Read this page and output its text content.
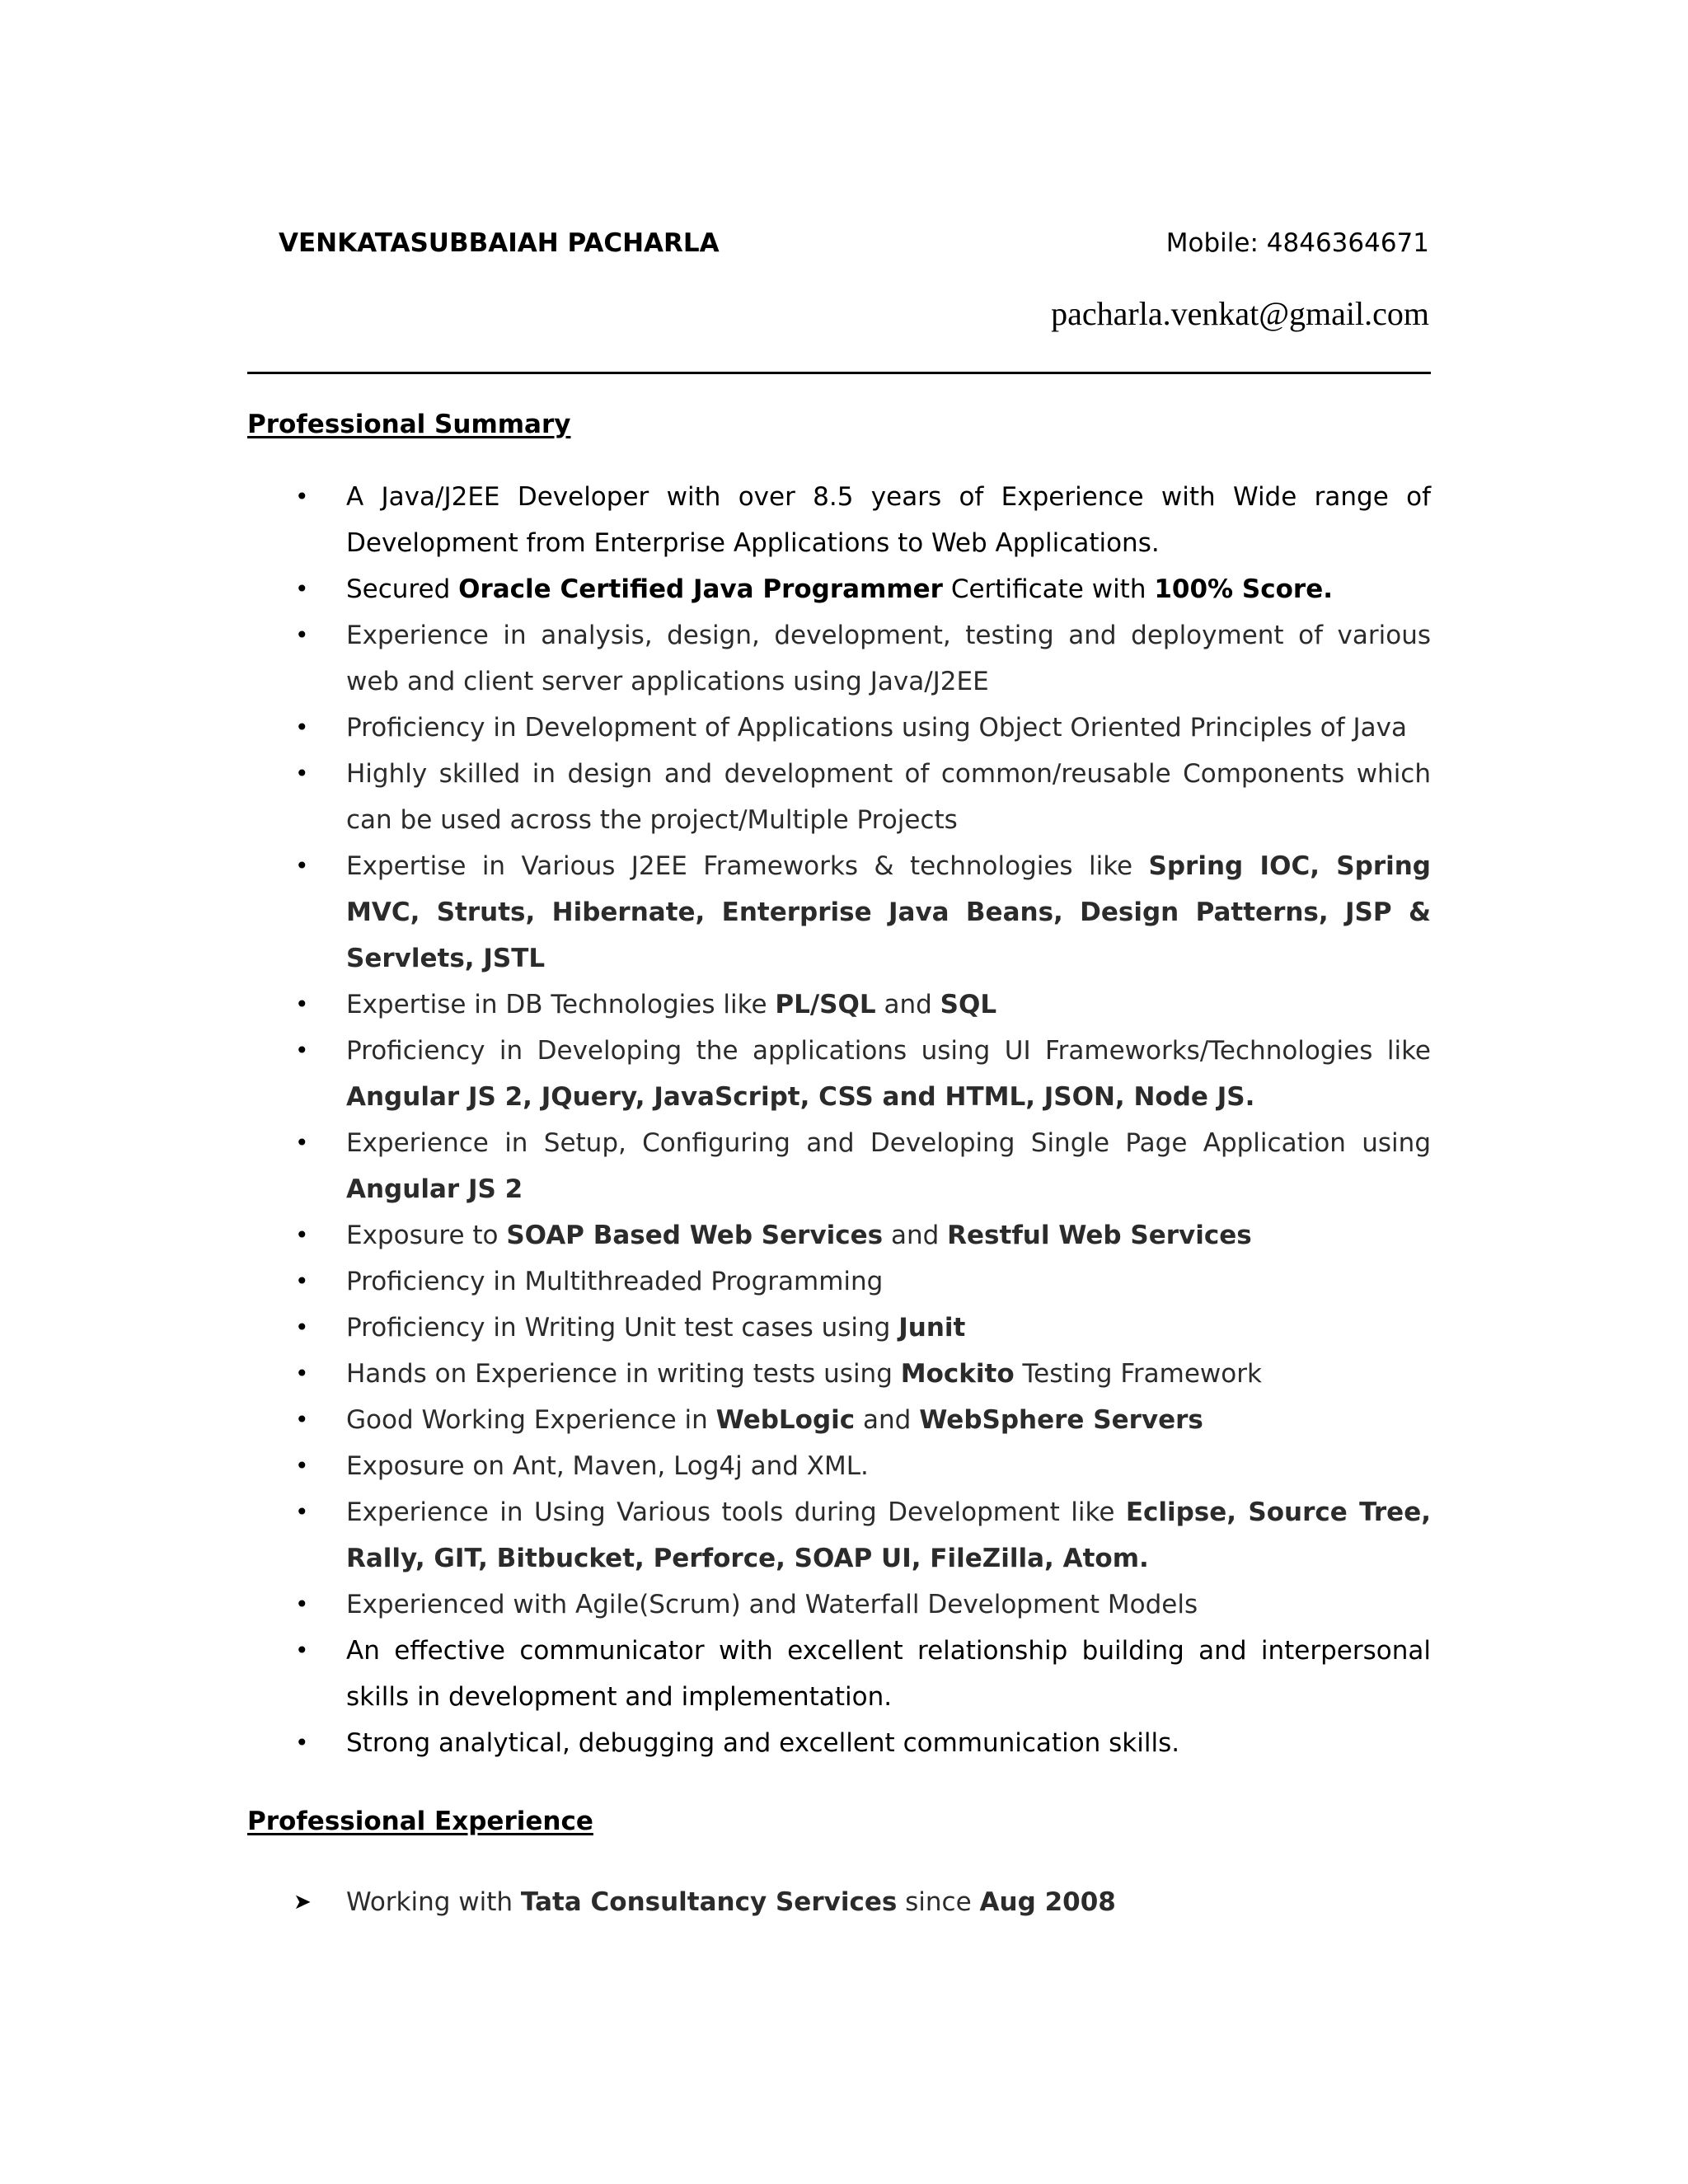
VENKATASUBBAIAH PACHARLA	Mobile: 4846364671
pacharla.venkat@gmail.com
Professional Summary
• A Java/J2EE Developer with over 8.5 years of Experience with Wide range of Development from Enterprise Applications to Web Applications.
• Secured Oracle Certified Java Programmer Certificate with 100% Score.
• Experience in analysis, design, development, testing and deployment of various web and client server applications using Java/J2EE
• Proficiency in Development of Applications using Object Oriented Principles of Java
• Highly skilled in design and development of common/reusable Components which can be used across the project/Multiple Projects
• Expertise in Various J2EE Frameworks & technologies like Spring IOC, Spring MVC, Struts, Hibernate, Enterprise Java Beans, Design Patterns, JSP & Servlets, JSTL
• Expertise in DB Technologies like PL/SQL and SQL
• Proficiency in Developing the applications using UI Frameworks/Technologies like Angular JS 2, JQuery, JavaScript, CSS and HTML, JSON, Node JS.
• Experience in Setup, Configuring and Developing Single Page Application using Angular JS 2
• Exposure to SOAP Based Web Services and Restful Web Services
• Proficiency in Multithreaded Programming
• Proficiency in Writing Unit test cases using Junit
• Hands on Experience in writing tests using Mockito Testing Framework
• Good Working Experience in WebLogic and WebSphere Servers
• Exposure on Ant, Maven, Log4j and XML.
• Experience in Using Various tools during Development like Eclipse, Source Tree, Rally, GIT, Bitbucket, Perforce, SOAP UI, FileZilla, Atom.
• Experienced with Agile(Scrum) and Waterfall Development Models
• An effective communicator with excellent relationship building and interpersonal skills in development and implementation.
• Strong analytical, debugging and excellent communication skills.
Professional Experience
➤ Working with Tata Consultancy Services since Aug 2008
